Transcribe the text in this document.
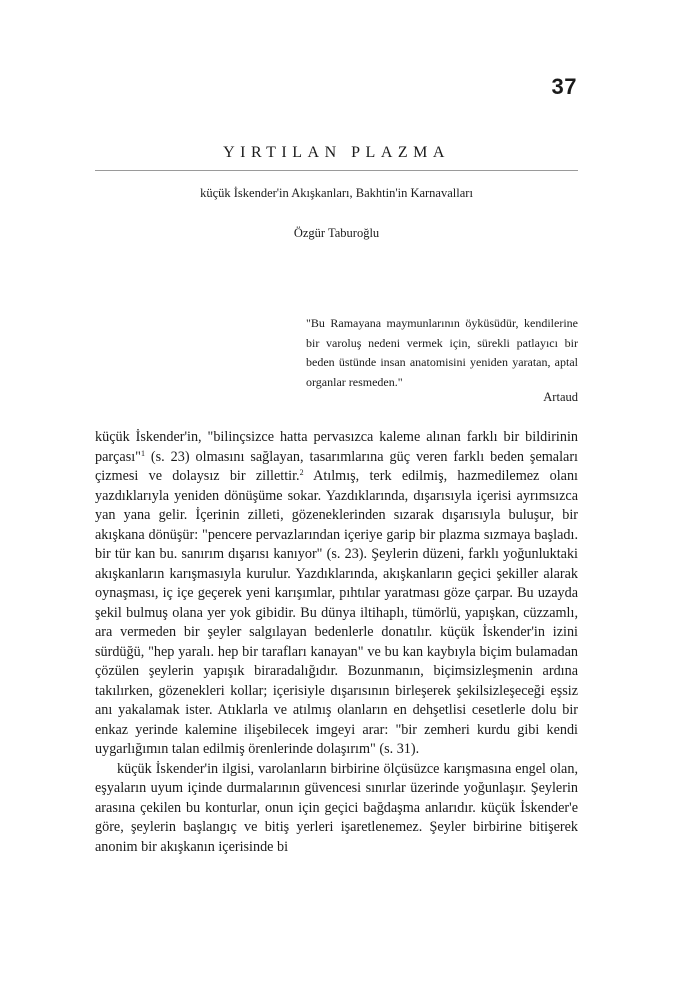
37
YIRTILAN PLAZMA
küçük İskender'in Akışkanları, Bakhtin'in Karnavalları
Özgür Taburoğlu
"Bu Ramayana maymunlarının öyküsüdür, kendilerine bir varoluş nedeni vermek için, sürekli patlayıcı bir beden üstünde insan anatomisini yeniden yaratan, aptal organlar resmeden."
Artaud

küçük İskender'in, "bilinçsizce hatta pervasızca kaleme alınan farklı bir bildirinin parçası"$^1$ (s. 23) olmasını sağlayan, tasarımlarına güç veren farklı beden şemaları çizmesi ve dolaysız bir zillettir.$^2$ Atılmış, terk edilmiş, hazmedilemez olanı yazdıklarıyla yeniden dönüşüme sokar. Yazdıklarında, dışarısıyla içerisi ayrımsızca yan yana gelir. İçerinin zilleti, gözeneklerinden sızarak dışarısıyla buluşur, bir akışkana dönüşür: "pencere pervazlarından içeriye garip bir plazma sızmaya başladı. bir tür kan bu. sanırım dışarısı kanıyor" (s. 23). Şeylerin düzeni, farklı yoğunluktaki akışkanların karışmasıyla kurulur. Yazdıklarında, akışkanların geçici şekiller alarak oynaşması, iç içe geçerek yeni karışımlar, pıhtılar yaratması göze çarpar. Bu uzayda şekil bulmuş olana yer yok gibidir. Bu dünya iltihaplı, tümörlü, yapışkan, cüzzamlı, ara vermeden bir şeyler salgılayan bedenlerle donatılır. küçük İskender'in izini sürdüğü, "hep yaralı. hep bir tarafları kanayan" ve bu kan kaybıyla biçim bulamadan çözülen şeylerin yapışık biraradalığıdır. Bozunmanın, biçimsizleşmenin ardına takılırken, gözenekleri kollar; içerisiyle dışarısının birleşerek şekilsizleşeceği eşsiz anı yakalamak ister. Atıklarla ve atılmış olanların en dehşetlisi cesetlerle dolu bir enkaz yerinde kalemine ilişebilecek imgeyi arar: "bir zemheri kurdu gibi kendi uygarlığımın talan edilmiş örenlerinde dolaşırım" (s. 31).

küçük İskender'in ilgisi, varolanların birbirine ölçüsüzce karışmasına engel olan, eşyaların uyum içinde durmalarının güvencesi sınırlar üzerinde yoğunlaşır. Şeylerin arasına çekilen bu konturlar, onun için geçici bağdaşma anlarıdır. küçük İskender'e göre, şeylerin başlangıç ve bitiş yerleri işaretlenemez. Şeyler birbirine bitişerek anonim bir akışkanın içerisinde bi
